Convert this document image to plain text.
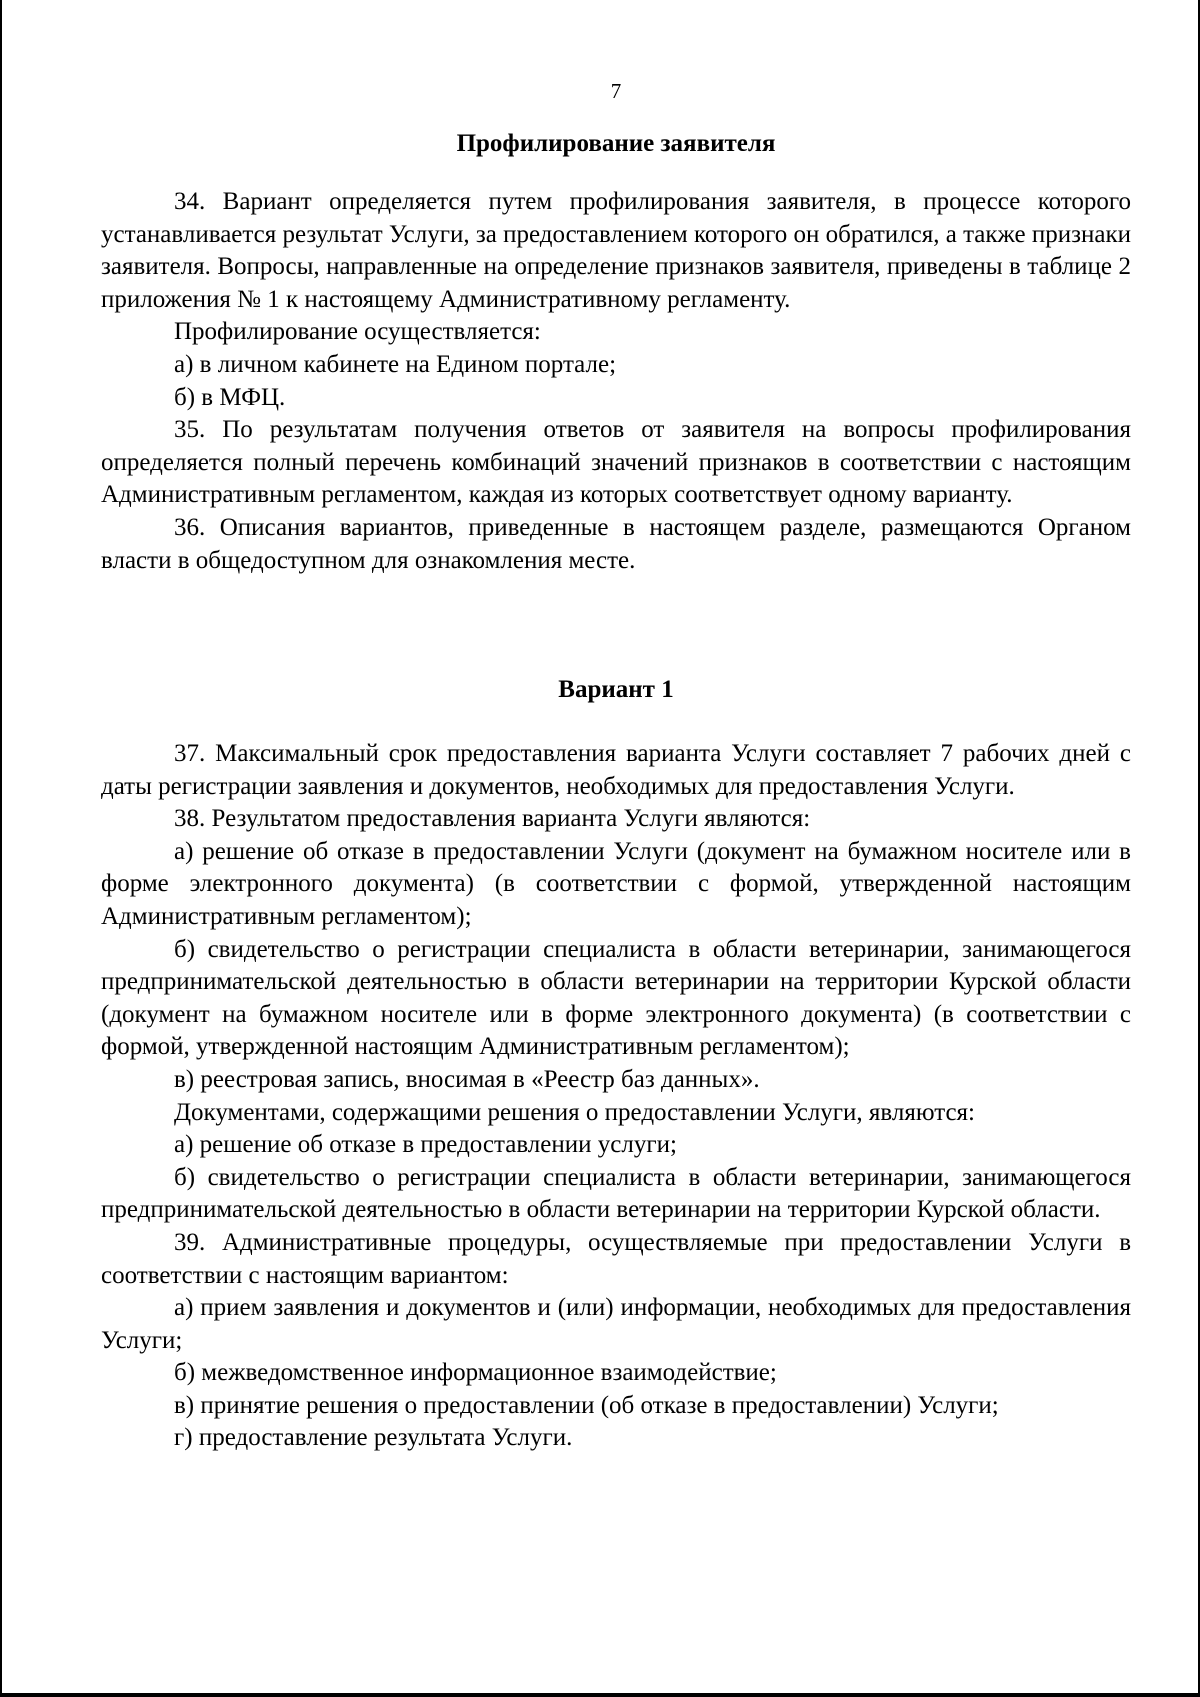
7
Профилирование заявителя

34. Вариант определяется путем профилирования заявителя, в процессе которого устанавливается результат Услуги, за предоставлением которого он обратился, а также признаки заявителя. Вопросы, направленные на определение признаков заявителя, приведены в таблице 2 приложения № 1 к настоящему Административному регламенту.

Профилирование осуществляется:

а) в личном кабинете на Едином портале;

б) в МФЦ.

35. По результатам получения ответов от заявителя на вопросы профилирования определяется полный перечень комбинаций значений признаков в соответствии с настоящим Административным регламентом, каждая из которых соответствует одному варианту.

36. Описания вариантов, приведенные в настоящем разделе, размещаются Органом власти в общедоступном для ознакомления месте.

Вариант 1

37. Максимальный срок предоставления варианта Услуги составляет 7 рабочих дней с даты регистрации заявления и документов, необходимых для предоставления Услуги.

38. Результатом предоставления варианта Услуги являются:

а) решение об отказе в предоставлении Услуги (документ на бумажном носителе или в форме электронного документа) (в соответствии с формой, утвержденной настоящим Административным регламентом);

б) свидетельство о регистрации специалиста в области ветеринарии, занимающегося предпринимательской деятельностью в области ветеринарии на территории Курской области (документ на бумажном носителе или в форме электронного документа) (в соответствии с формой, утвержденной настоящим Административным регламентом);

в) реестровая запись, вносимая в «Реестр баз данных».

Документами, содержащими решения о предоставлении Услуги, являются:

а) решение об отказе в предоставлении услуги;

б) свидетельство о регистрации специалиста в области ветеринарии, занимающегося предпринимательской деятельностью в области ветеринарии на территории Курской области.

39. Административные процедуры, осуществляемые при предоставлении Услуги в соответствии с настоящим вариантом:

а) прием заявления и документов и (или) информации, необходимых для предоставления Услуги;

б) межведомственное информационное взаимодействие;

в) принятие решения о предоставлении (об отказе в предоставлении) Услуги;

г) предоставление результата Услуги.
